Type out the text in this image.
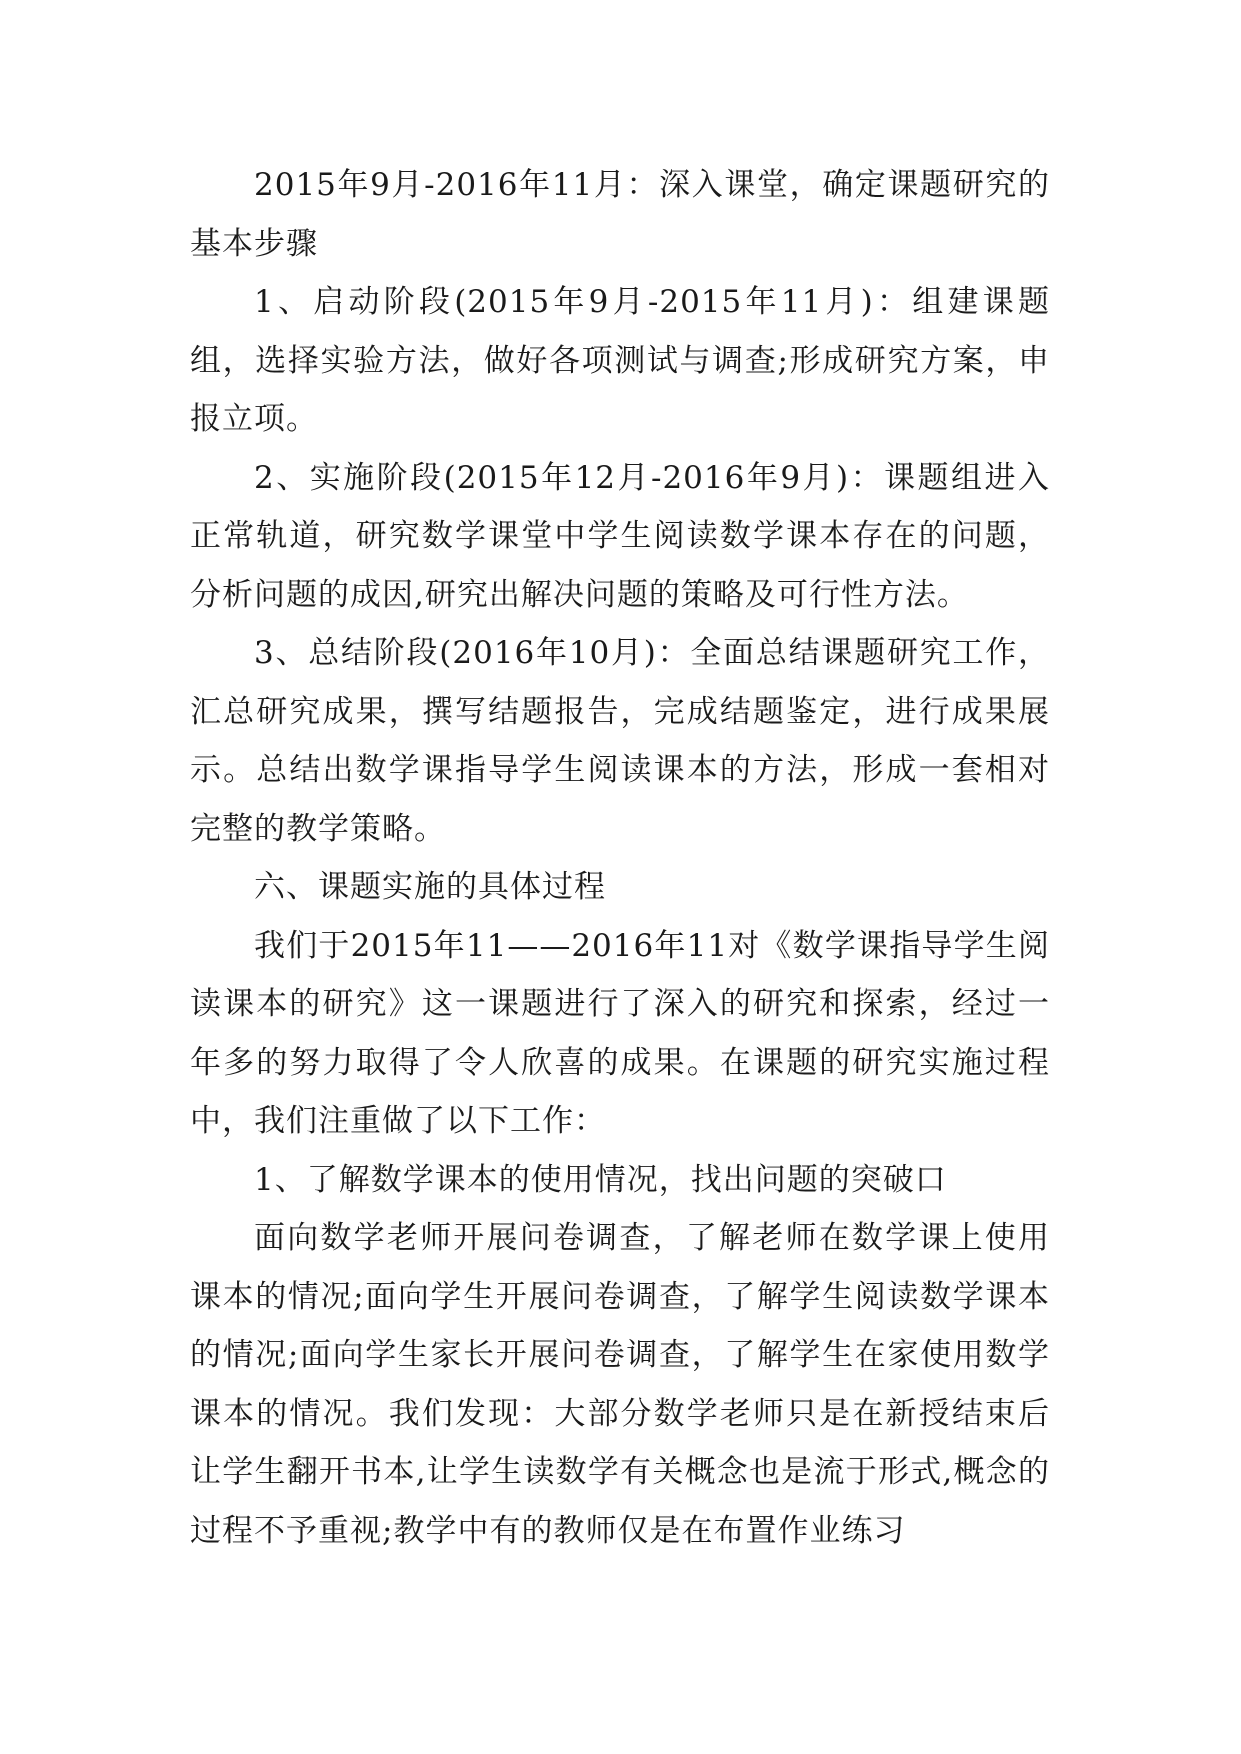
2015年9月-2016年11月：深入课堂，确定课题研究的基本步骤

1、启动阶段(2015年9月-2015年11月)：组建课题组，选择实验方法，做好各项测试与调查;形成研究方案，申报立项。

2、实施阶段(2015年12月-2016年9月)：课题组进入正常轨道，研究数学课堂中学生阅读数学课本存在的问题，分析问题的成因,研究出解决问题的策略及可行性方法。

3、总结阶段(2016年10月)：全面总结课题研究工作，汇总研究成果，撰写结题报告，完成结题鉴定，进行成果展示。总结出数学课指导学生阅读课本的方法，形成一套相对完整的教学策略。

六、课题实施的具体过程

我们于2015年11——2016年11对《数学课指导学生阅读课本的研究》这一课题进行了深入的研究和探索，经过一年多的努力取得了令人欣喜的成果。在课题的研究实施过程中，我们注重做了以下工作：

1、了解数学课本的使用情况，找出问题的突破口

面向数学老师开展问卷调查，了解老师在数学课上使用课本的情况;面向学生开展问卷调查，了解学生阅读数学课本的情况;面向学生家长开展问卷调查，了解学生在家使用数学课本的情况。我们发现：大部分数学老师只是在新授结束后让学生翻开书本,让学生读数学有关概念也是流于形式,概念的过程不予重视;教学中有的教师仅是在布置作业练习
